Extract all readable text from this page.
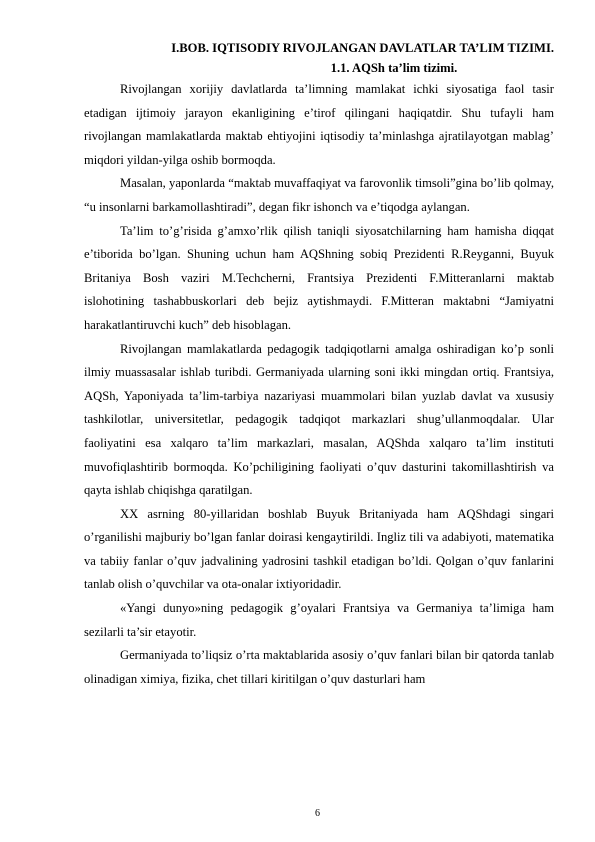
I.BOB. IQTISODIY RIVOJLANGAN DAVLATLAR TA’LIM TIZIMI.

1.1. AQSh ta’lim tizimi.

Rivojlangan xorijiy davlatlarda ta’limning mamlakat ichki siyosatiga faol tasir etadigan ijtimoiy jarayon ekanligining e’tirof qilingani haqiqatdir. Shu tufayli ham rivojlangan mamlakatlarda maktab ehtiyojini iqtisodiy ta’minlashga ajratilayotgan mablag’ miqdori yildan-yilga oshib bormoqda.

Masalan, yaponlarda “maktab muvaffaqiyat va farovonlik timsoli”gina bo’lib qolmay, “u insonlarni barkamollashtiradi”, degan fikr ishonch va e’tiqodga aylangan.

Ta’lim to’g’risida g’amxo’rlik qilish taniqli siyosatchilarning ham hamisha diqqat e’tiborida bo’lgan. Shuning uchun ham AQShning sobiq Prezidenti R.Reyganni, Buyuk Britaniya Bosh vaziri M.Techcherni, Frantsiya Prezidenti F.Mitteranlarni maktab islohotining tashabbuskorlari deb bejiz aytishmaydi. F.Mitteran maktabni “Jamiyatni harakatlantiruvchi kuch” deb hisoblagan.

Rivojlangan mamlakatlarda pedagogik tadqiqotlarni amalga oshiradigan ko’p sonli ilmiy muassasalar ishlab turibdi. Germaniyada ularning soni ikki mingdan ortiq. Frantsiya, AQSh, Yaponiyada ta’lim-tarbiya nazariyasi muammolari bilan yuzlab davlat va xususiy tashkilotlar, universitetlar, pedagogik tadqiqot markazlari shug’ullanmoqdalar. Ular faoliyatini esa xalqaro ta’lim markazlari, masalan, AQShda xalqaro ta’lim instituti muvofiqlashtirib bormoqda. Ko’pchiligining faoliyati o’quv dasturini takomillashtirish va qayta ishlab chiqishga qaratilgan.

XX asrning 80-yillaridan boshlab Buyuk Britaniyada ham AQShdagi singari o’rganilishi majburiy bo’lgan fanlar doirasi kengaytirildi. Ingliz tili va adabiyoti, matematika va tabiiy fanlar o’quv jadvalining yadrosini tashkil etadigan bo’ldi. Qolgan o’quv fanlarini tanlab olish o’quvchilar va ota-onalar ixtiyoridadir.

«Yangi dunyo»ning pedagogik g’oyalari Frantsiya va Germaniya ta’limiga ham sezilarli ta’sir etayotir.

Germaniyada to’liqsiz o’rta maktablarida asosiy o’quv fanlari bilan bir qatorda tanlab olinadigan ximiya, fizika, chet tillari kiritilgan o’quv dasturlari ham

6
